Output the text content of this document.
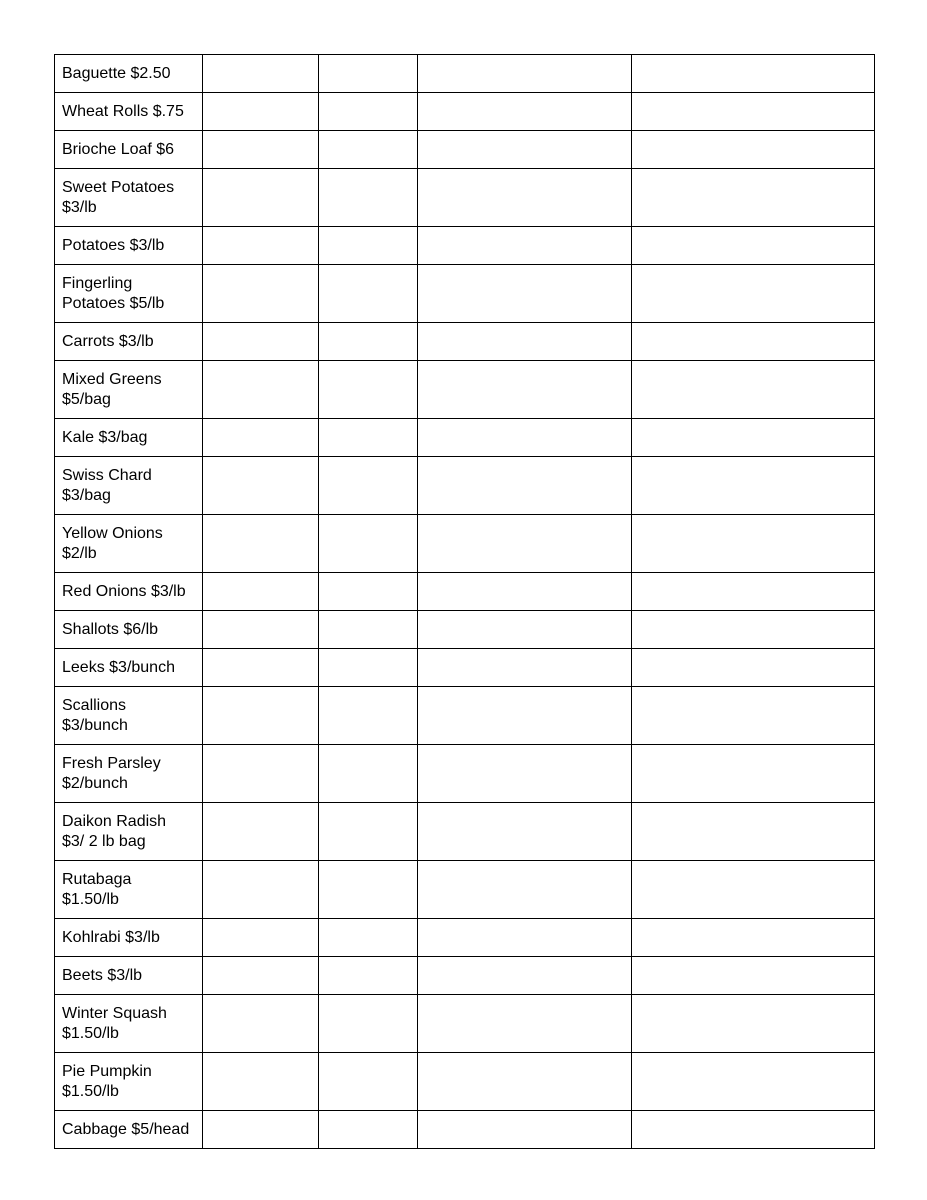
Baguette $2.50				

Wheat Rolls $.75				

Brioche Loaf $6				

Sweet Potatoes
$3/lb				

Potatoes $3/lb				

Fingerling
Potatoes $5/lb				

Carrots $3/lb				

Mixed Greens
$5/bag				

Kale $3/bag				

Swiss Chard
$3/bag				

Yellow Onions
$2/lb				

Red Onions $3/lb				

Shallots $6/lb				

Leeks $3/bunch				

Scallions
$3/bunch				

Fresh Parsley
$2/bunch				

Daikon Radish
$3/ 2 lb bag				

Rutabaga
$1.50/lb				

Kohlrabi $3/lb				

Beets $3/lb				

Winter Squash
$1.50/lb				

Pie Pumpkin
$1.50/lb				

Cabbage $5/head				
